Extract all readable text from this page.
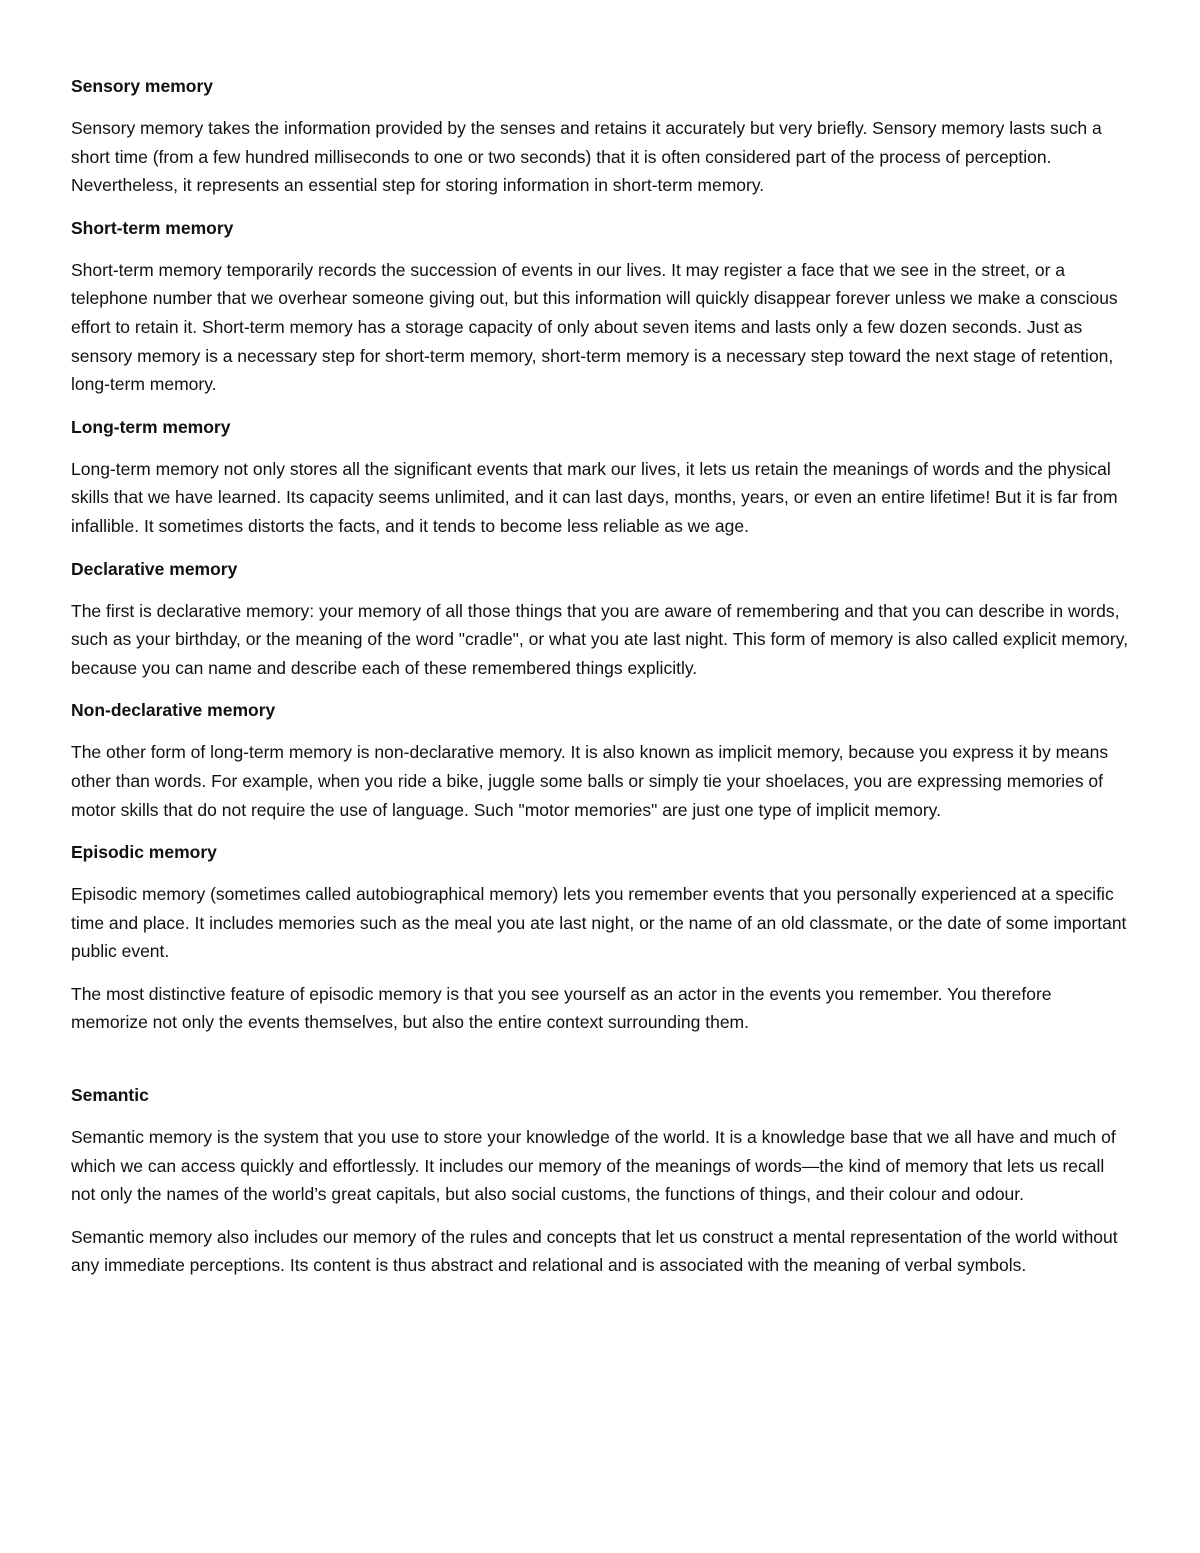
Sensory memory

Sensory memory takes the information provided by the senses and retains it accurately but very briefly. Sensory memory lasts such a short time (from a few hundred milliseconds to one or two seconds) that it is often considered part of the process of perception. Nevertheless, it represents an essential step for storing information in short-term memory.

Short-term memory

Short-term memory temporarily records the succession of events in our lives. It may register a face that we see in the street, or a telephone number that we overhear someone giving out, but this information will quickly disappear forever unless we make a conscious effort to retain it. Short-term memory has a storage capacity of only about seven items and lasts only a few dozen seconds. Just as sensory memory is a necessary step for short-term memory, short-term memory is a necessary step toward the next stage of retention, long-term memory.

Long-term memory

Long-term memory not only stores all the significant events that mark our lives, it lets us retain the meanings of words and the physical skills that we have learned. Its capacity seems unlimited, and it can last days, months, years, or even an entire lifetime! But it is far from infallible. It sometimes distorts the facts, and it tends to become less reliable as we age.

Declarative memory

The first is declarative memory: your memory of all those things that you are aware of remembering and that you can describe in words, such as your birthday, or the meaning of the word "cradle", or what you ate last night. This form of memory is also called explicit memory, because you can name and describe each of these remembered things explicitly.

Non-declarative memory

The other form of long-term memory is non-declarative memory. It is also known as implicit memory, because you express it by means other than words. For example, when you ride a bike, juggle some balls or simply tie your shoelaces, you are expressing memories of motor skills that do not require the use of language. Such "motor memories" are just one type of implicit memory.

Episodic memory

Episodic memory (sometimes called autobiographical memory) lets you remember events that you personally experienced at a specific time and place. It includes memories such as the meal you ate last night, or the name of an old classmate, or the date of some important public event.

The most distinctive feature of episodic memory is that you see yourself as an actor in the events you remember. You therefore memorize not only the events themselves, but also the entire context surrounding them.

Semantic

Semantic memory is the system that you use to store your knowledge of the world. It is a knowledge base that we all have and much of which we can access quickly and effortlessly. It includes our memory of the meanings of words—the kind of memory that lets us recall not only the names of the world’s great capitals, but also social customs, the functions of things, and their colour and odour.

Semantic memory also includes our memory of the rules and concepts that let us construct a mental representation of the world without any immediate perceptions. Its content is thus abstract and relational and is associated with the meaning of verbal symbols.
